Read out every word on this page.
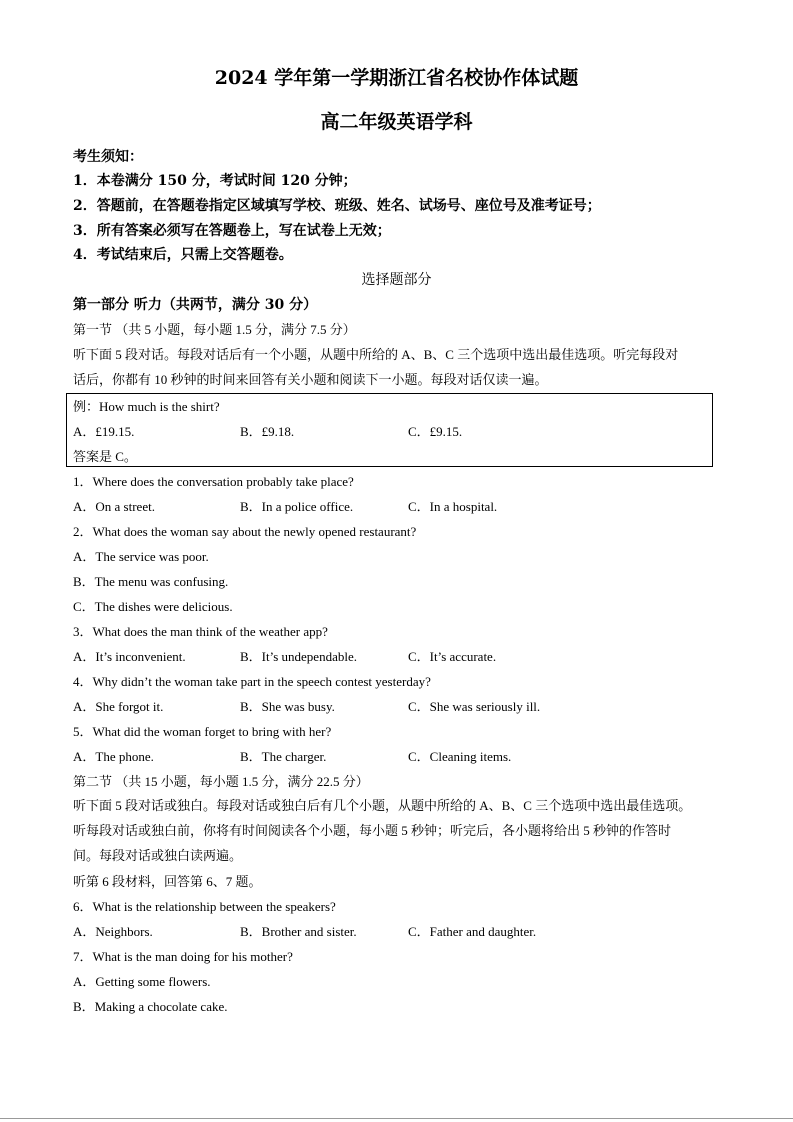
2024 学年第一学期浙江省名校协作体试题
高二年级英语学科
考生须知：
1．本卷满分 150 分，考试时间 120 分钟；
2．答题前，在答题卷指定区域填写学校、班级、姓名、试场号、座位号及准考证号；
3．所有答案必须写在答题卷上，写在试卷上无效；
4．考试结束后，只需上交答题卷。
选择题部分
第一部分 听力（共两节，满分 30 分）
第一节 （共 5 小题，每小题 1.5 分，满分 7.5 分）
听下面 5 段对话。每段对话后有一个小题，从题中所给的 A、B、C 三个选项中选出最佳选项。听完每段对
话后，你都有 10 秒钟的时间来回答有关小题和阅读下一小题。每段对话仅读一遍。
例：How much is the shirt?
A．£19.15.	B．£9.18.	C．£9.15.
答案是 C。
1．Where does the conversation probably take place?
A．On a street.	B．In a police office.	C．In a hospital.
2．What does the woman say about the newly opened restaurant?
A．The service was poor.
B．The menu was confusing.
C．The dishes were delicious.
3．What does the man think of the weather app?
A．It’s inconvenient.	B．It’s undependable.	C．It’s accurate.
4．Why didn’t the woman take part in the speech contest yesterday?
A．She forgot it.	B．She was busy.	C．She was seriously ill.
5．What did the woman forget to bring with her?
A．The phone.	B．The charger.	C．Cleaning items.
第二节 （共 15 小题，每小题 1.5 分，满分 22.5 分）
听下面 5 段对话或独白。每段对话或独白后有几个小题，从题中所给的 A、B、C 三个选项中选出最佳选项。
听每段对话或独白前，你将有时间阅读各个小题，每小题 5 秒钟；听完后，各小题将给出 5 秒钟的作答时
间。每段对话或独白读两遍。
听第 6 段材料，回答第 6、7 题。
6．What is the relationship between the speakers?
A．Neighbors.	B．Brother and sister.	C．Father and daughter.
7．What is the man doing for his mother?
A．Getting some flowers.
B．Making a chocolate cake.
